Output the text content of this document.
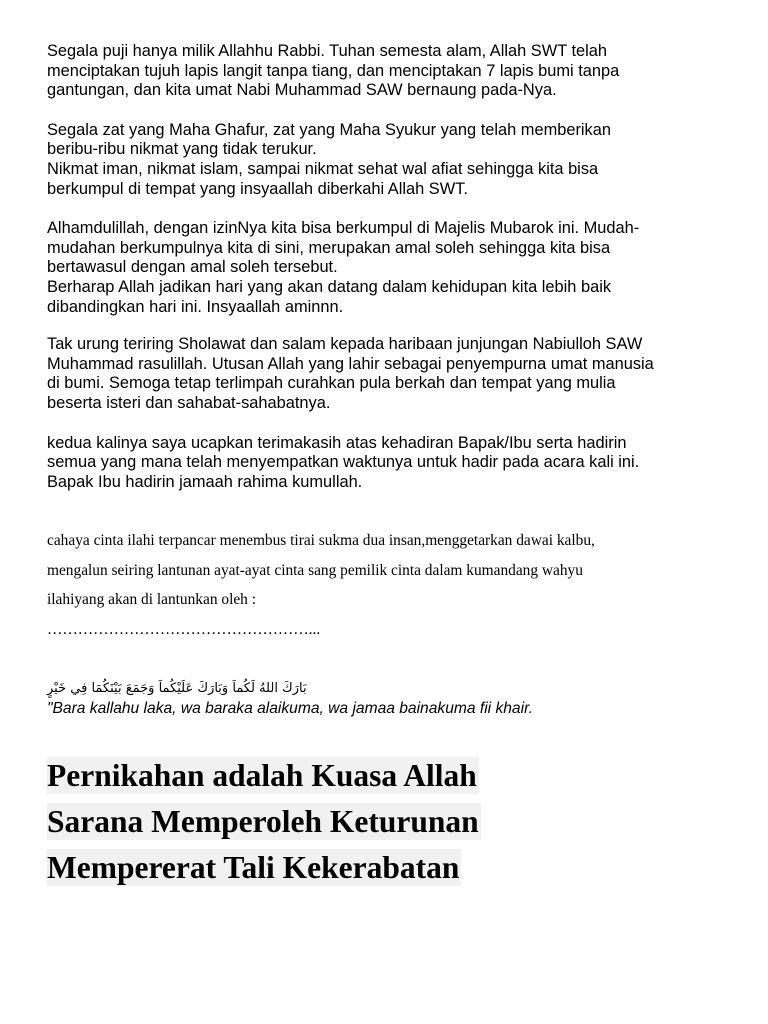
Segala puji hanya milik Allahhu Rabbi. Tuhan semesta alam, Allah SWT telah
menciptakan tujuh lapis langit tanpa tiang, dan menciptakan 7 lapis bumi tanpa
gantungan, dan kita umat Nabi Muhammad SAW bernaung pada-Nya.

Segala zat yang Maha Ghafur, zat yang Maha Syukur yang telah memberikan
beribu-ribu nikmat yang tidak terukur.
Nikmat iman, nikmat islam, sampai nikmat sehat wal afiat sehingga kita bisa
berkumpul di tempat yang insyaallah diberkahi Allah SWT.

Alhamdulillah, dengan izinNya kita bisa berkumpul di Majelis Mubarok ini. Mudah-
mudahan berkumpulnya kita di sini, merupakan amal soleh sehingga kita bisa
bertawasul dengan amal soleh tersebut.
Berharap Allah jadikan hari yang akan datang dalam kehidupan kita lebih baik
dibandingkan hari ini. Insyaallah aminnn.

Tak urung teriring Sholawat dan salam kepada haribaan junjungan Nabiulloh SAW
Muhammad rasulillah. Utusan Allah yang lahir sebagai penyempurna umat manusia
di bumi. Semoga tetap terlimpah curahkan pula berkah dan tempat yang mulia
beserta isteri dan sahabat-sahabatnya.

kedua kalinya saya ucapkan terimakasih atas kehadiran Bapak/Ibu serta hadirin
semua yang mana telah menyempatkan waktunya untuk hadir pada acara kali ini.
Bapak Ibu hadirin jamaah rahima kumullah.

cahaya cinta ilahi terpancar menembus tirai sukma dua insan,menggetarkan dawai kalbu,
mengalun seiring lantunan ayat-ayat cinta sang pemilik cinta dalam kumandang wahyu
ilahiyang akan di lantunkan oleh :
……………………………………………...

بَارَكَ اللهُ لَكُماَ وَبَارَكَ عَلَيْكُماَ وَجَمَعَ بَيْنَكُمَا فِي خَيْرٍ
"Bara kallahu laka, wa baraka alaikuma, wa jamaa bainakuma fii khair.
Pernikahan adalah Kuasa Allah
Sarana Memperoleh Keturunan
Mempererat Tali Kekerabatan
